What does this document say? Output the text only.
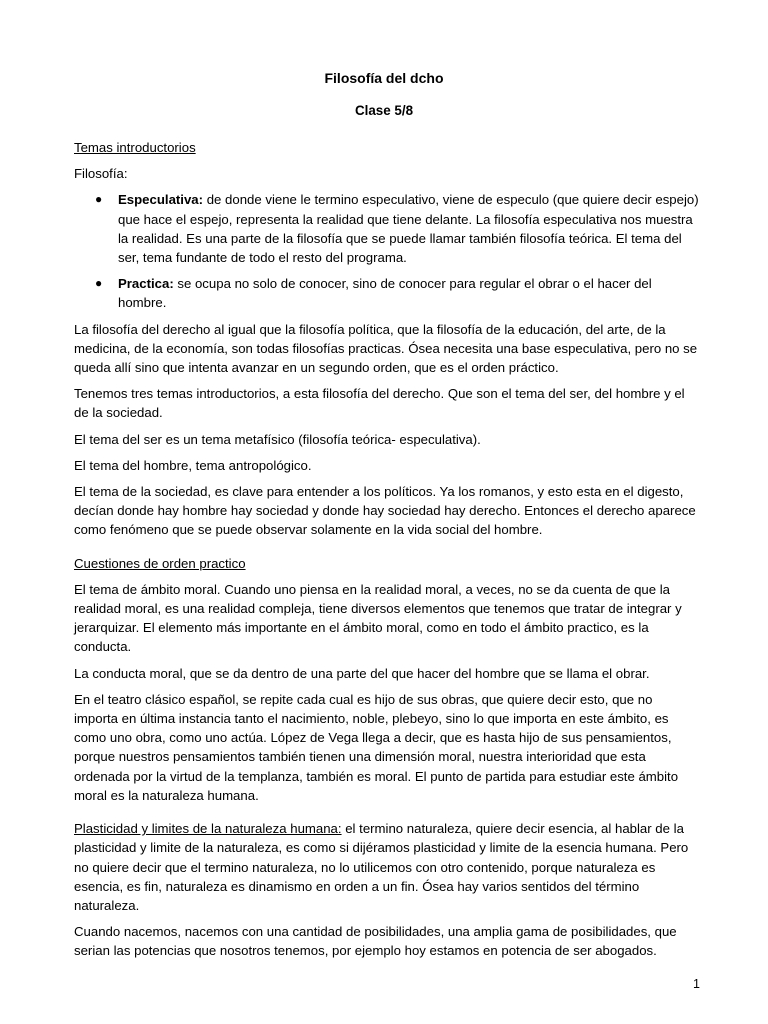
Filosofía del dcho
Clase 5/8

Temas introductorios

Filosofía:

● Especulativa: de donde viene le termino especulativo, viene de especulo (que quiere decir espejo) que hace el espejo, representa la realidad que tiene delante. La filosofía especulativa nos muestra la realidad. Es una parte de la filosofía que se puede llamar también filosofía teórica. El tema del ser, tema fundante de todo el resto del programa.
● Practica: se ocupa no solo de conocer, sino de conocer para regular el obrar o el hacer del hombre.

La filosofía del derecho al igual que la filosofía política, que la filosofía de la educación, del arte, de la medicina, de la economía, son todas filosofías practicas. Ósea necesita una base especulativa, pero no se queda allí sino que intenta avanzar en un segundo orden, que es el orden práctico.

Tenemos tres temas introductorios, a esta filosofía del derecho. Que son el tema del ser, del hombre y el de la sociedad.

El tema del ser es un tema metafísico (filosofía teórica- especulativa).

El tema del hombre, tema antropológico.

El tema de la sociedad, es clave para entender a los políticos. Ya los romanos, y esto esta en el digesto, decían donde hay hombre hay sociedad y donde hay sociedad hay derecho. Entonces el derecho aparece como fenómeno que se puede observar solamente en la vida social del hombre.

Cuestiones de orden practico

El tema de ámbito moral. Cuando uno piensa en la realidad moral, a veces, no se da cuenta de que la realidad moral, es una realidad compleja, tiene diversos elementos que tenemos que tratar de integrar y jerarquizar. El elemento más importante en el ámbito moral, como en todo el ámbito practico, es la conducta.

La conducta moral, que se da dentro de una parte del que hacer del hombre que se llama el obrar.

En el teatro clásico español, se repite cada cual es hijo de sus obras, que quiere decir esto, que no importa en última instancia tanto el nacimiento, noble, plebeyo, sino lo que importa en este ámbito, es como uno obra, como uno actúa. López de Vega llega a decir, que es hasta hijo de sus pensamientos, porque nuestros pensamientos también tienen una dimensión moral, nuestra interioridad que esta ordenada por la virtud de la templanza, también es moral. El punto de partida para estudiar este ámbito moral es la naturaleza humana.

Plasticidad y limites de la naturaleza humana: el termino naturaleza, quiere decir esencia, al hablar de la plasticidad y limite de la naturaleza, es como si dijéramos plasticidad y limite de la esencia humana. Pero no quiere decir que el termino naturaleza, no lo utilicemos con otro contenido, porque naturaleza es esencia, es fin, naturaleza es dinamismo en orden a un fin. Ósea hay varios sentidos del término naturaleza.

Cuando nacemos, nacemos con una cantidad de posibilidades, una amplia gama de posibilidades, que serian las potencias que nosotros tenemos, por ejemplo hoy estamos en potencia de ser abogados.

1
